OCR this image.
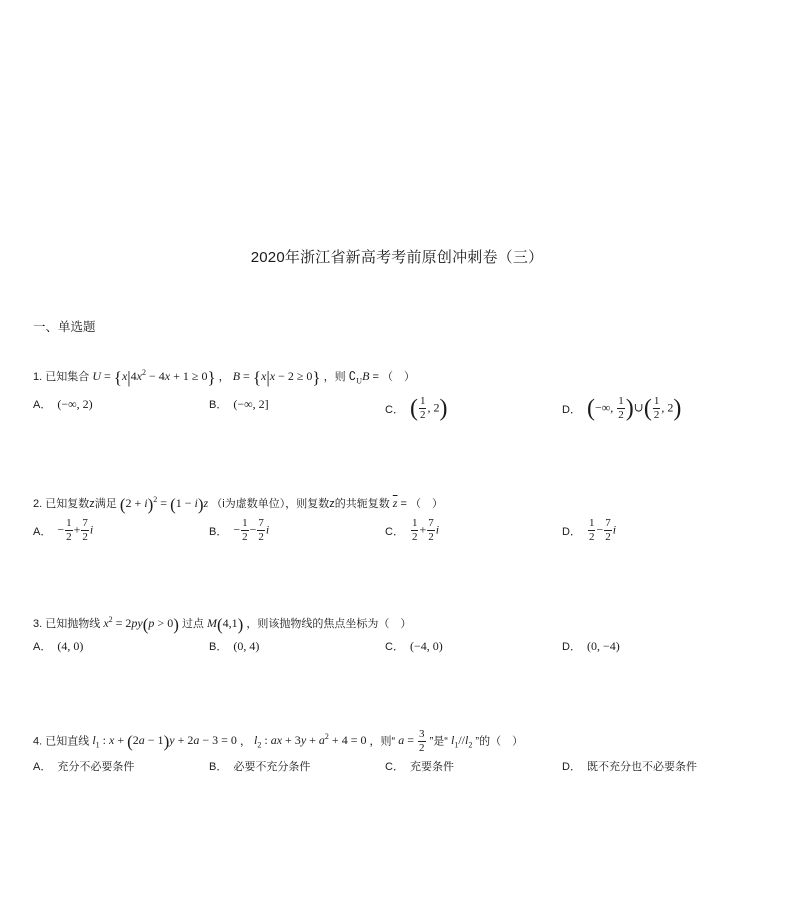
2020年浙江省新高考考前原创冲刺卷（三）
一、单选题
1. 已知集合 $U = \{x|4x^2 - 4x + 1 \ge 0\}$ ， B = {x|x − 2 ≥ 0} ，则 $∁_UB$ = （　）
A． (−∞, 2)	B． (−∞, 2]	C． ( $\frac{1}{2}$ , 2)	D． (−∞, $\frac{1}{2}$ )∪( $\frac{1}{2}$ , 2)
2. 已知复数z满足 $(2 + i)^2 = (1 - i)z$ （i为虚数单位），则复数z的共轭复数 $\overline{z}$ = （　）
A． − $\frac{1}{2} + \frac{7}{2}$ i	B． − $\frac{1}{2} - \frac{7}{2}$ i	C． $\frac{1}{2} + \frac{7}{2}$ i	D． $\frac{1}{2} - \frac{7}{2}$ i
3. 已知抛物线 $x^2 = 2py(p > 0)$ 过点 M(4,1) ，则该抛物线的焦点坐标为（　）
A． (4, 0)	B． (0, 4)	C． (−4, 0)	D． (0, −4)
4. 已知直线 $l_1$ : x + (2a − 1)y + 2a − 3 = 0 ， $l_2$ : ax + $3y + a^2 + 4 = 0$ ，则“ $a = \frac{3}{2}$ ”是“ $l_1//l_2$ ”的（　）
A． 充分不必要条件	B． 必要不充分条件	C． 充要条件	D． 既不充分也不必要条件
